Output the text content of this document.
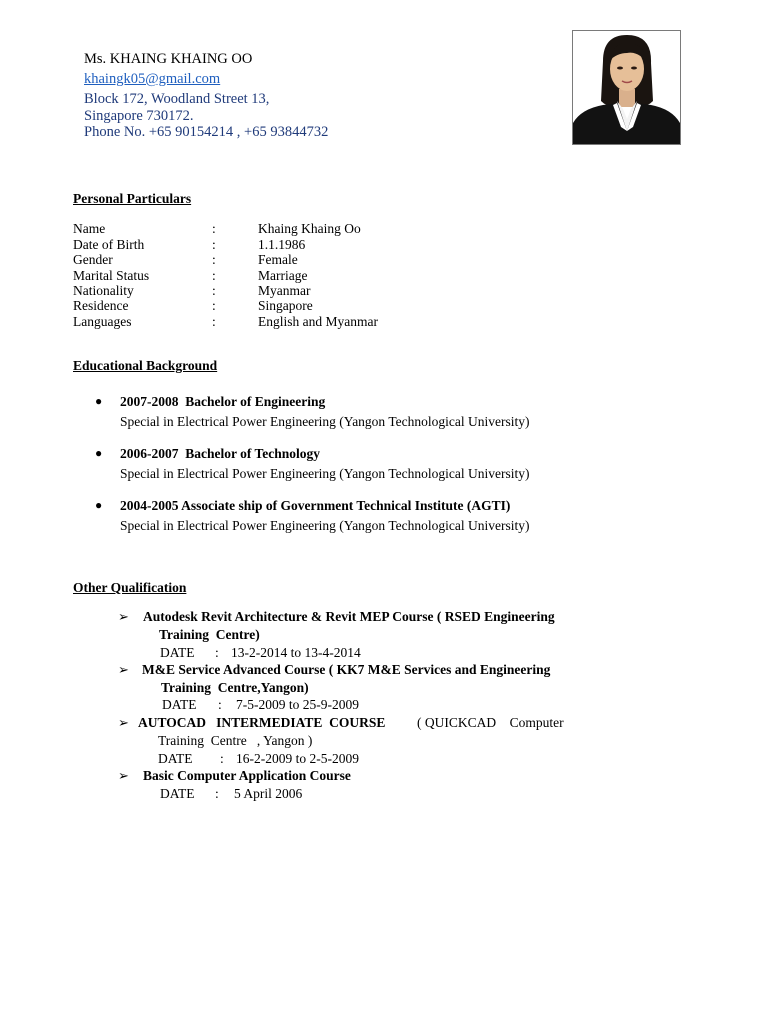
Ms. KHAING KHAING OO
khaingk05@gmail.com
Block 172, Woodland Street 13,
Singapore 730172.
Phone No. +65 90154214 , +65 93844732
Personal Particulars
Name	:	Khaing Khaing Oo
Date of Birth	:	1.1.1986
Gender	:	Female
Marital Status	:	Marriage
Nationality	:	Myanmar
Residence	:	Singapore
Languages	:	English and Myanmar
Educational Background
● 2007-2008  Bachelor of Engineering
Special in Electrical Power Engineering (Yangon Technological University)
● 2006-2007  Bachelor of Technology
Special in Electrical Power Engineering (Yangon Technological University)
● 2004-2005 Associate ship of Government Technical Institute (AGTI)
Special in Electrical Power Engineering (Yangon Technological University)
Other Qualification
➢ Autodesk Revit Architecture & Revit MEP Course ( RSED Engineering
Training  Centre)
DATE : 13-2-2014 to 13-4-2014
➢ M&E Service Advanced Course ( KK7 M&E Services and Engineering
Training  Centre,Yangon)
DATE : 7-5-2009 to 25-9-2009
➢ AUTOCAD   INTERMEDIATE  COURSE ( QUICKCAD    Computer
Training  Centre   , Yangon )
DATE : 16-2-2009 to 2-5-2009
➢ Basic Computer Application Course
DATE : 5 April 2006
